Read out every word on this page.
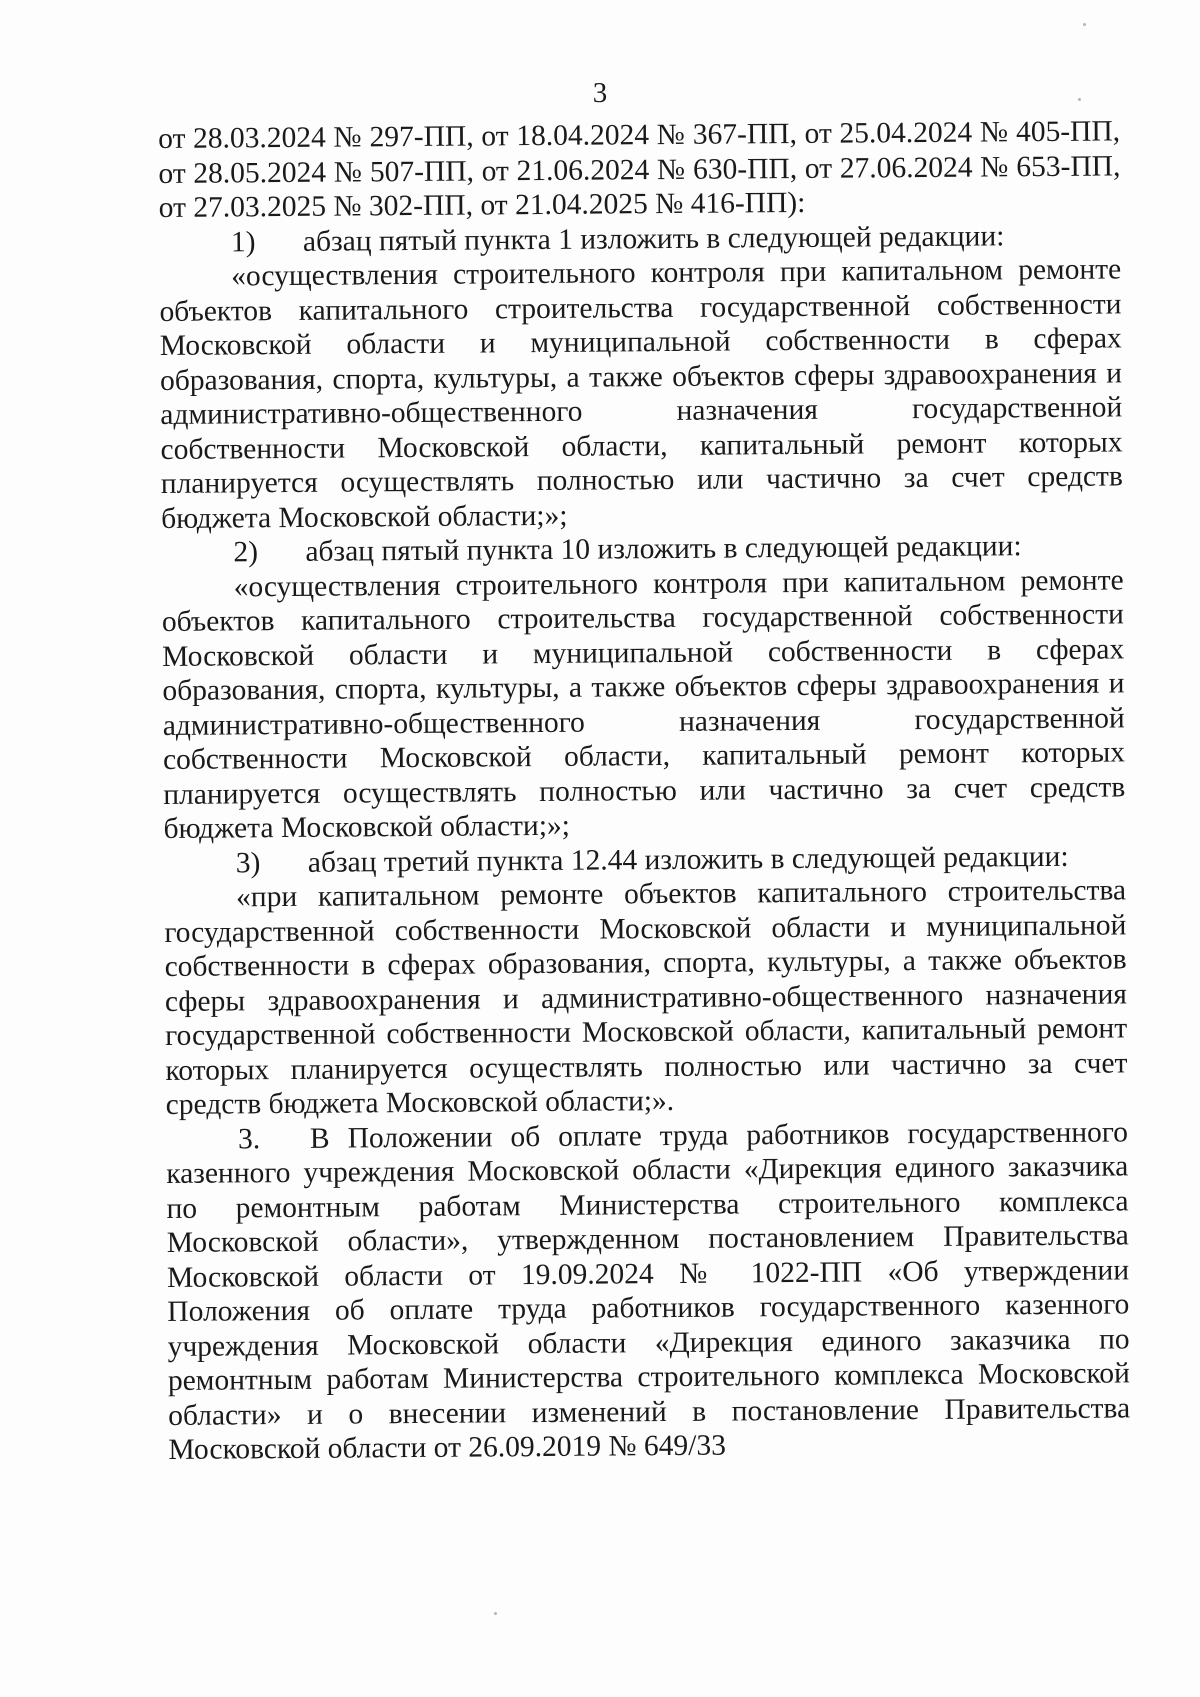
3

от 28.03.2024 № 297-ПП, от 18.04.2024 № 367-ПП, от 25.04.2024 № 405-ПП, от 28.05.2024 № 507-ПП, от 21.06.2024 № 630-ПП, от 27.06.2024 № 653-ПП, от 27.03.2025 № 302-ПП, от 21.04.2025 № 416-ПП):

1) абзац пятый пункта 1 изложить в следующей редакции:

«осуществления строительного контроля при капитальном ремонте объектов капитального строительства государственной собственности Московской области и муниципальной собственности в сферах образования, спорта, культуры, а также объектов сферы здравоохранения и административно-общественного назначения государственной собственности Московской области, капитальный ремонт которых планируется осуществлять полностью или частично за счет средств бюджета Московской области;»;

2) абзац пятый пункта 10 изложить в следующей редакции:

«осуществления строительного контроля при капитальном ремонте объектов капитального строительства государственной собственности Московской области и муниципальной собственности в сферах образования, спорта, культуры, а также объектов сферы здравоохранения и административно-общественного назначения государственной собственности Московской области, капитальный ремонт которых планируется осуществлять полностью или частично за счет средств бюджета Московской области;»;

3) абзац третий пункта 12.44 изложить в следующей редакции:

«при капитальном ремонте объектов капитального строительства государственной собственности Московской области и муниципальной собственности в сферах образования, спорта, культуры, а также объектов сферы здравоохранения и административно-общественного назначения государственной собственности Московской области, капитальный ремонт которых планируется осуществлять полностью или частично за счет средств бюджета Московской области;».

3. В Положении об оплате труда работников государственного казенного учреждения Московской области «Дирекция единого заказчика по ремонтным работам Министерства строительного комплекса Московской области», утвержденном постановлением Правительства Московской области от 19.09.2024 № 1022-ПП «Об утверждении Положения об оплате труда работников государственного казенного учреждения Московской области «Дирекция единого заказчика по ремонтным работам Министерства строительного комплекса Московской области» и о внесении изменений в постановление Правительства Московской области от 26.09.2019 № 649/33
